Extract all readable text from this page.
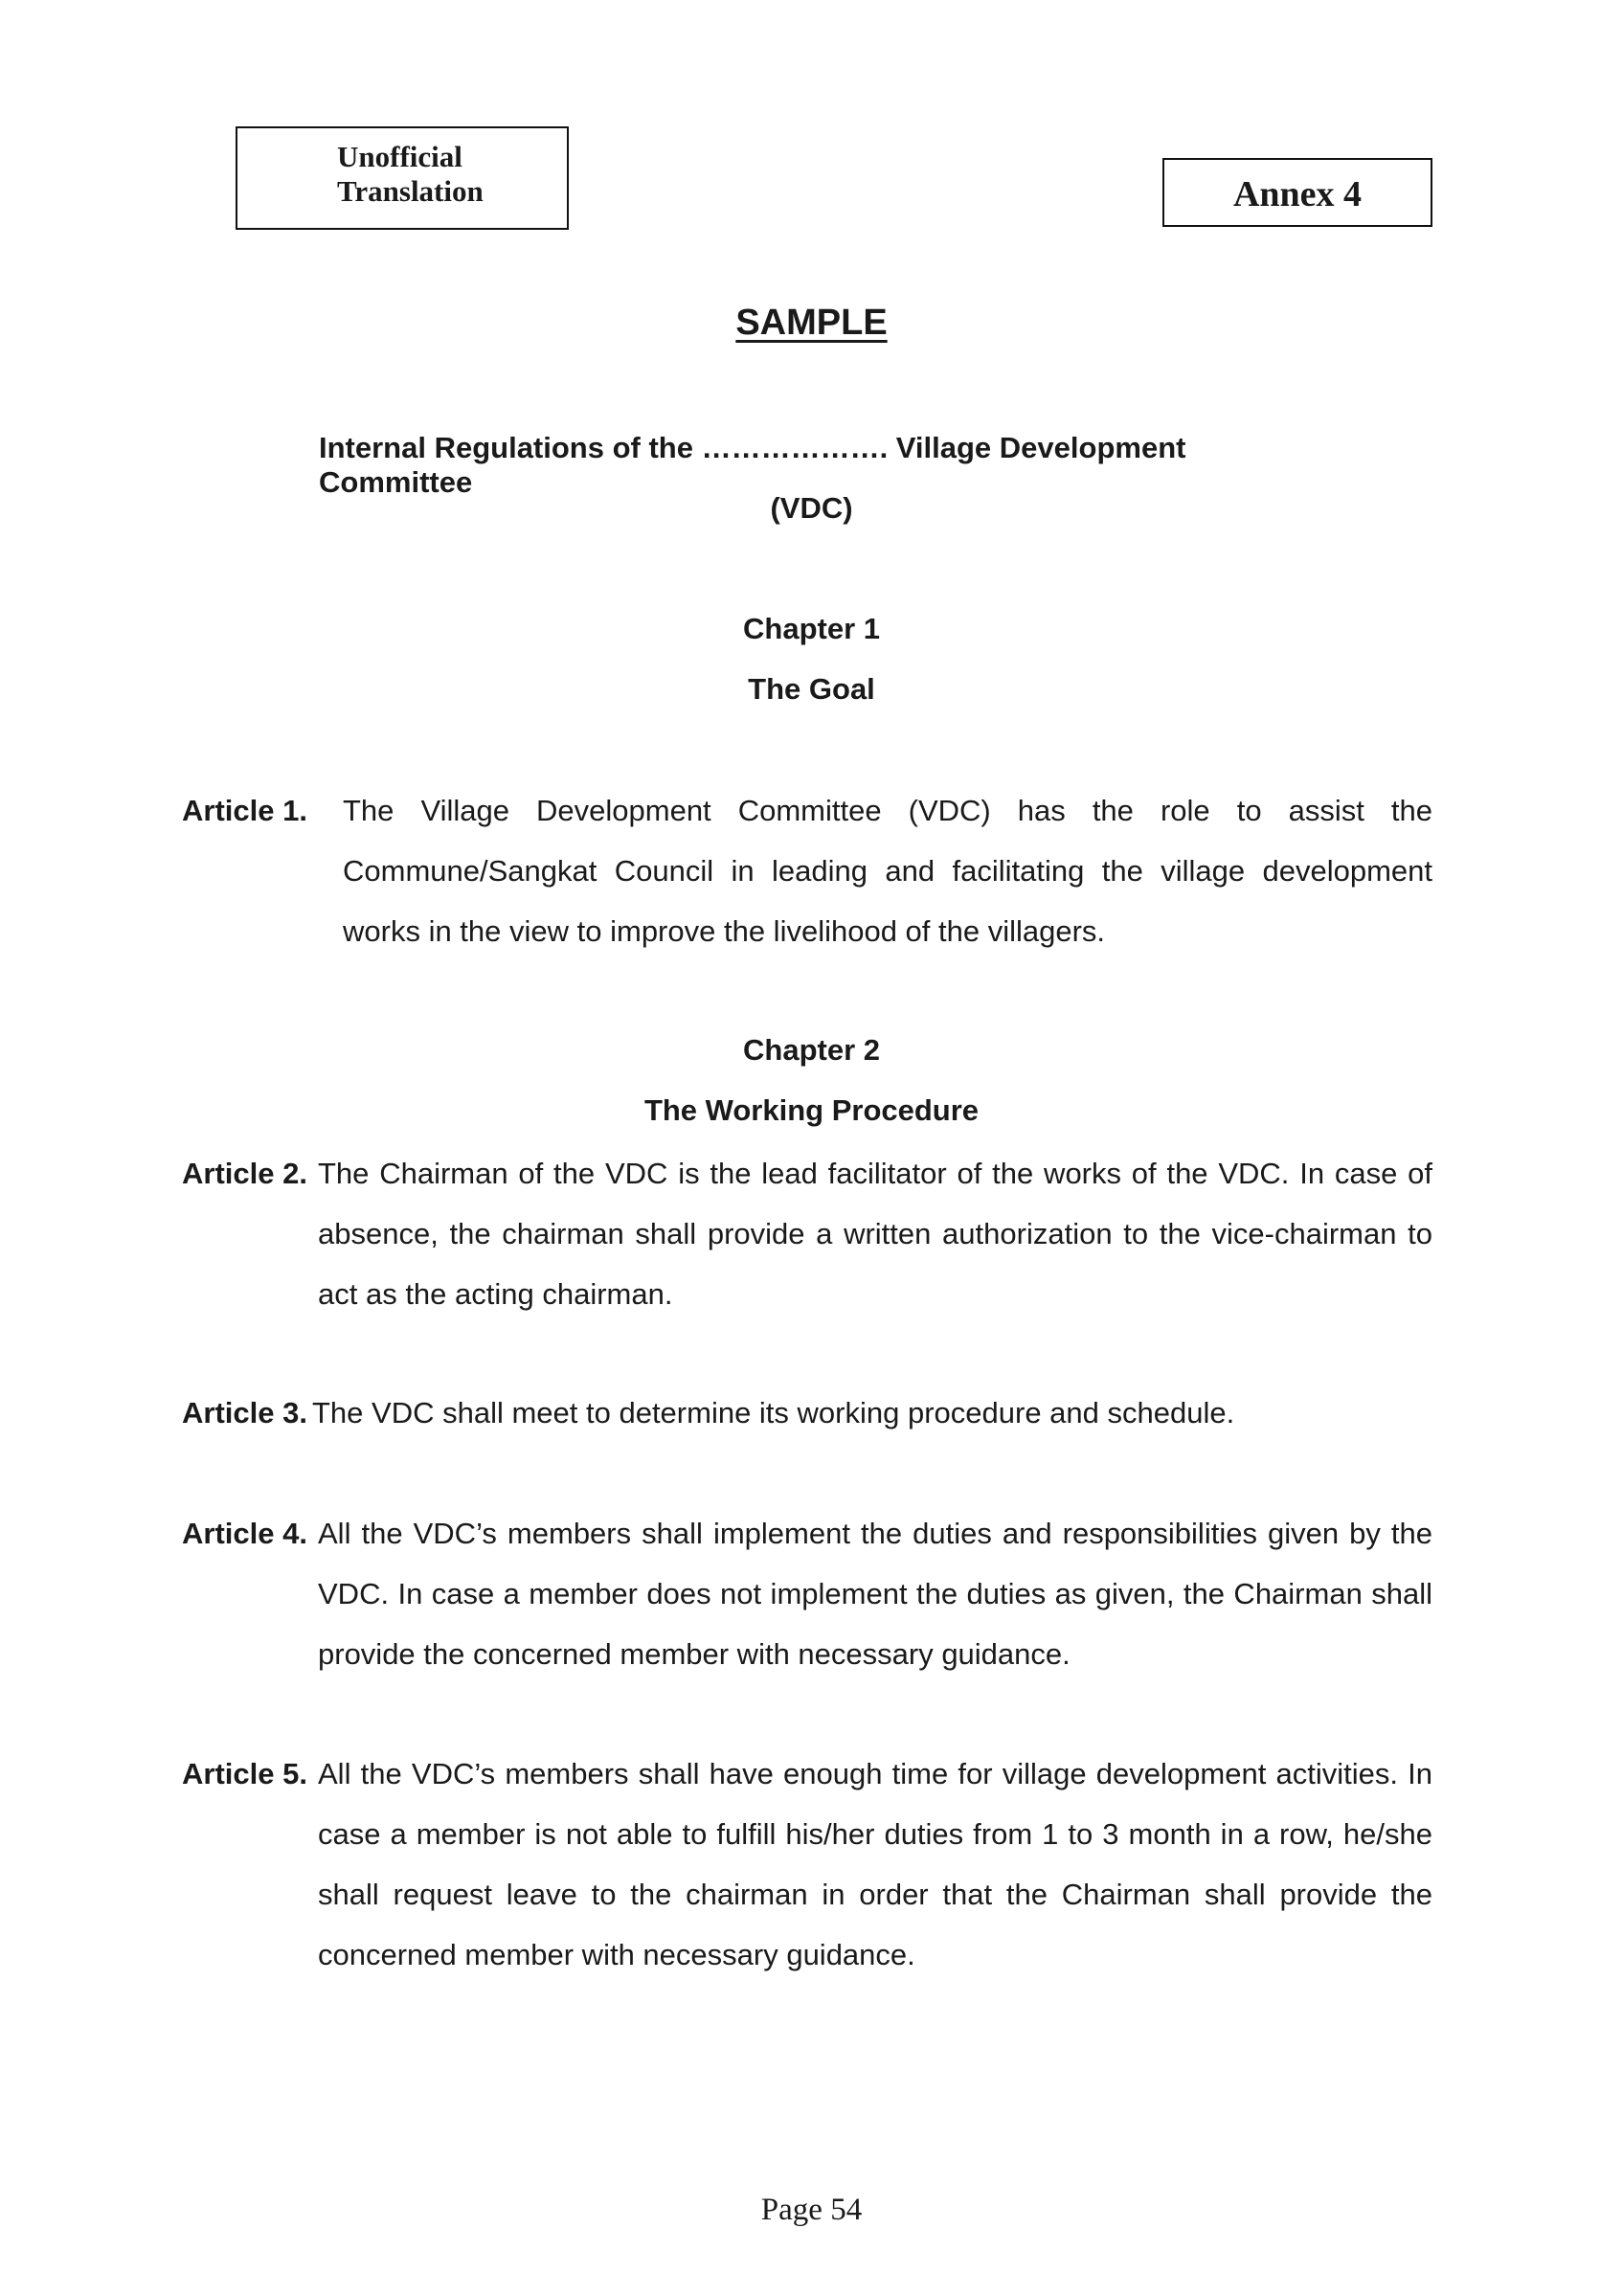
Unofficial
Translation	Annex 4
SAMPLE
Internal Regulations of the ………………. Village Development Committee
(VDC)
Chapter 1
The Goal
Article 1. The Village Development Committee (VDC) has the role to assist the Commune/Sangkat Council in leading and facilitating the village development works in the view to improve the livelihood of the villagers.
Chapter 2
The Working Procedure
Article 2. The Chairman of the VDC is the lead facilitator of the works of the VDC. In case of absence, the chairman shall provide a written authorization to the vice-chairman to act as the acting chairman.
Article 3. The VDC shall meet to determine its working procedure and schedule.
Article 4. All the VDC’s members shall implement the duties and responsibilities given by the VDC. In case a member does not implement the duties as given, the Chairman shall provide the concerned member with necessary guidance.
Article 5. All the VDC’s members shall have enough time for village development activities. In case a member is not able to fulfill his/her duties from 1 to 3 month in a row, he/she shall request leave to the chairman in order that the Chairman shall provide the concerned member with necessary guidance.
Page 54
